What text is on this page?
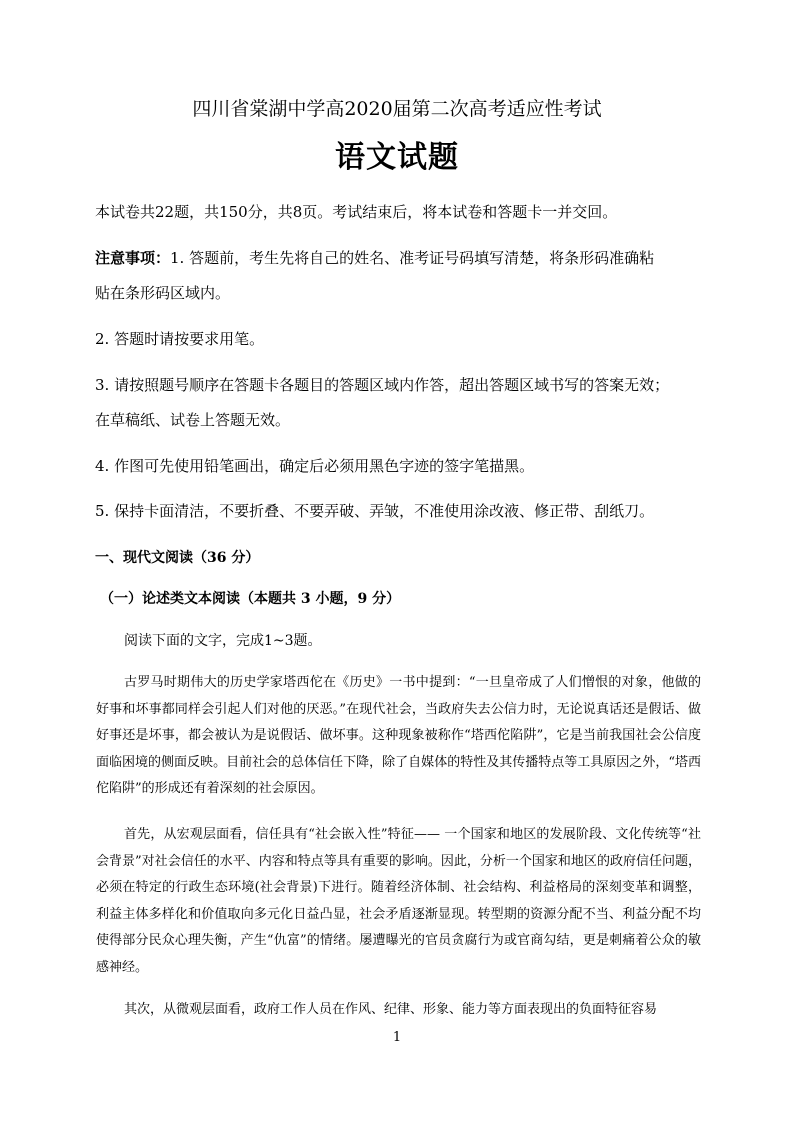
四川省棠湖中学高2020届第二次高考适应性考试
语文试题
本试卷共22题，共150分，共8页。考试结束后，将本试卷和答题卡一并交回。
注意事项：1. 答题前，考生先将自己的姓名、准考证号码填写清楚，将条形码准确粘
贴在条形码区域内。
2. 答题时请按要求用笔。
3. 请按照题号顺序在答题卡各题目的答题区域内作答，超出答题区域书写的答案无效；
在草稿纸、试卷上答题无效。
4. 作图可先使用铅笔画出，确定后必须用黑色字迹的签字笔描黑。
5. 保持卡面清洁，不要折叠、不要弄破、弄皱，不准使用涂改液、修正带、刮纸刀。
一、现代文阅读（36 分）
（一）论述类文本阅读（本题共 3 小题，9 分）
阅读下面的文字，完成1~3题。

古罗马时期伟大的历史学家塔西佗在《历史》一书中提到：“一旦皇帝成了人们憎恨的对象，他做的好事和坏事都同样会引起人们对他的厌恶。”在现代社会，当政府失去公信力时，无论说真话还是假话、做好事还是坏事，都会被认为是说假话、做坏事。这种现象被称作“塔西佗陷阱”，它是当前我国社会公信度面临困境的侧面反映。目前社会的总体信任下降，除了自媒体的特性及其传播特点等工具原因之外，“塔西佗陷阱”的形成还有着深刻的社会原因。

首先，从宏观层面看，信任具有“社会嵌入性”特征—— 一个国家和地区的发展阶段、文化传统等“社会背景”对社会信任的水平、内容和特点等具有重要的影响。因此，分析一个国家和地区的政府信任问题，必须在特定的行政生态环境(社会背景)下进行。随着经济体制、社会结构、利益格局的深刻变革和调整，利益主体多样化和价值取向多元化日益凸显，社会矛盾逐渐显现。转型期的资源分配不当、利益分配不均使得部分民众心理失衡，产生“仇富”的情绪。屡遭曝光的官员贪腐行为或官商勾结，更是刺痛着公众的敏感神经。

其次，从微观层面看，政府工作人员在作风、纪律、形象、能力等方面表现出的负面特征容易

1
